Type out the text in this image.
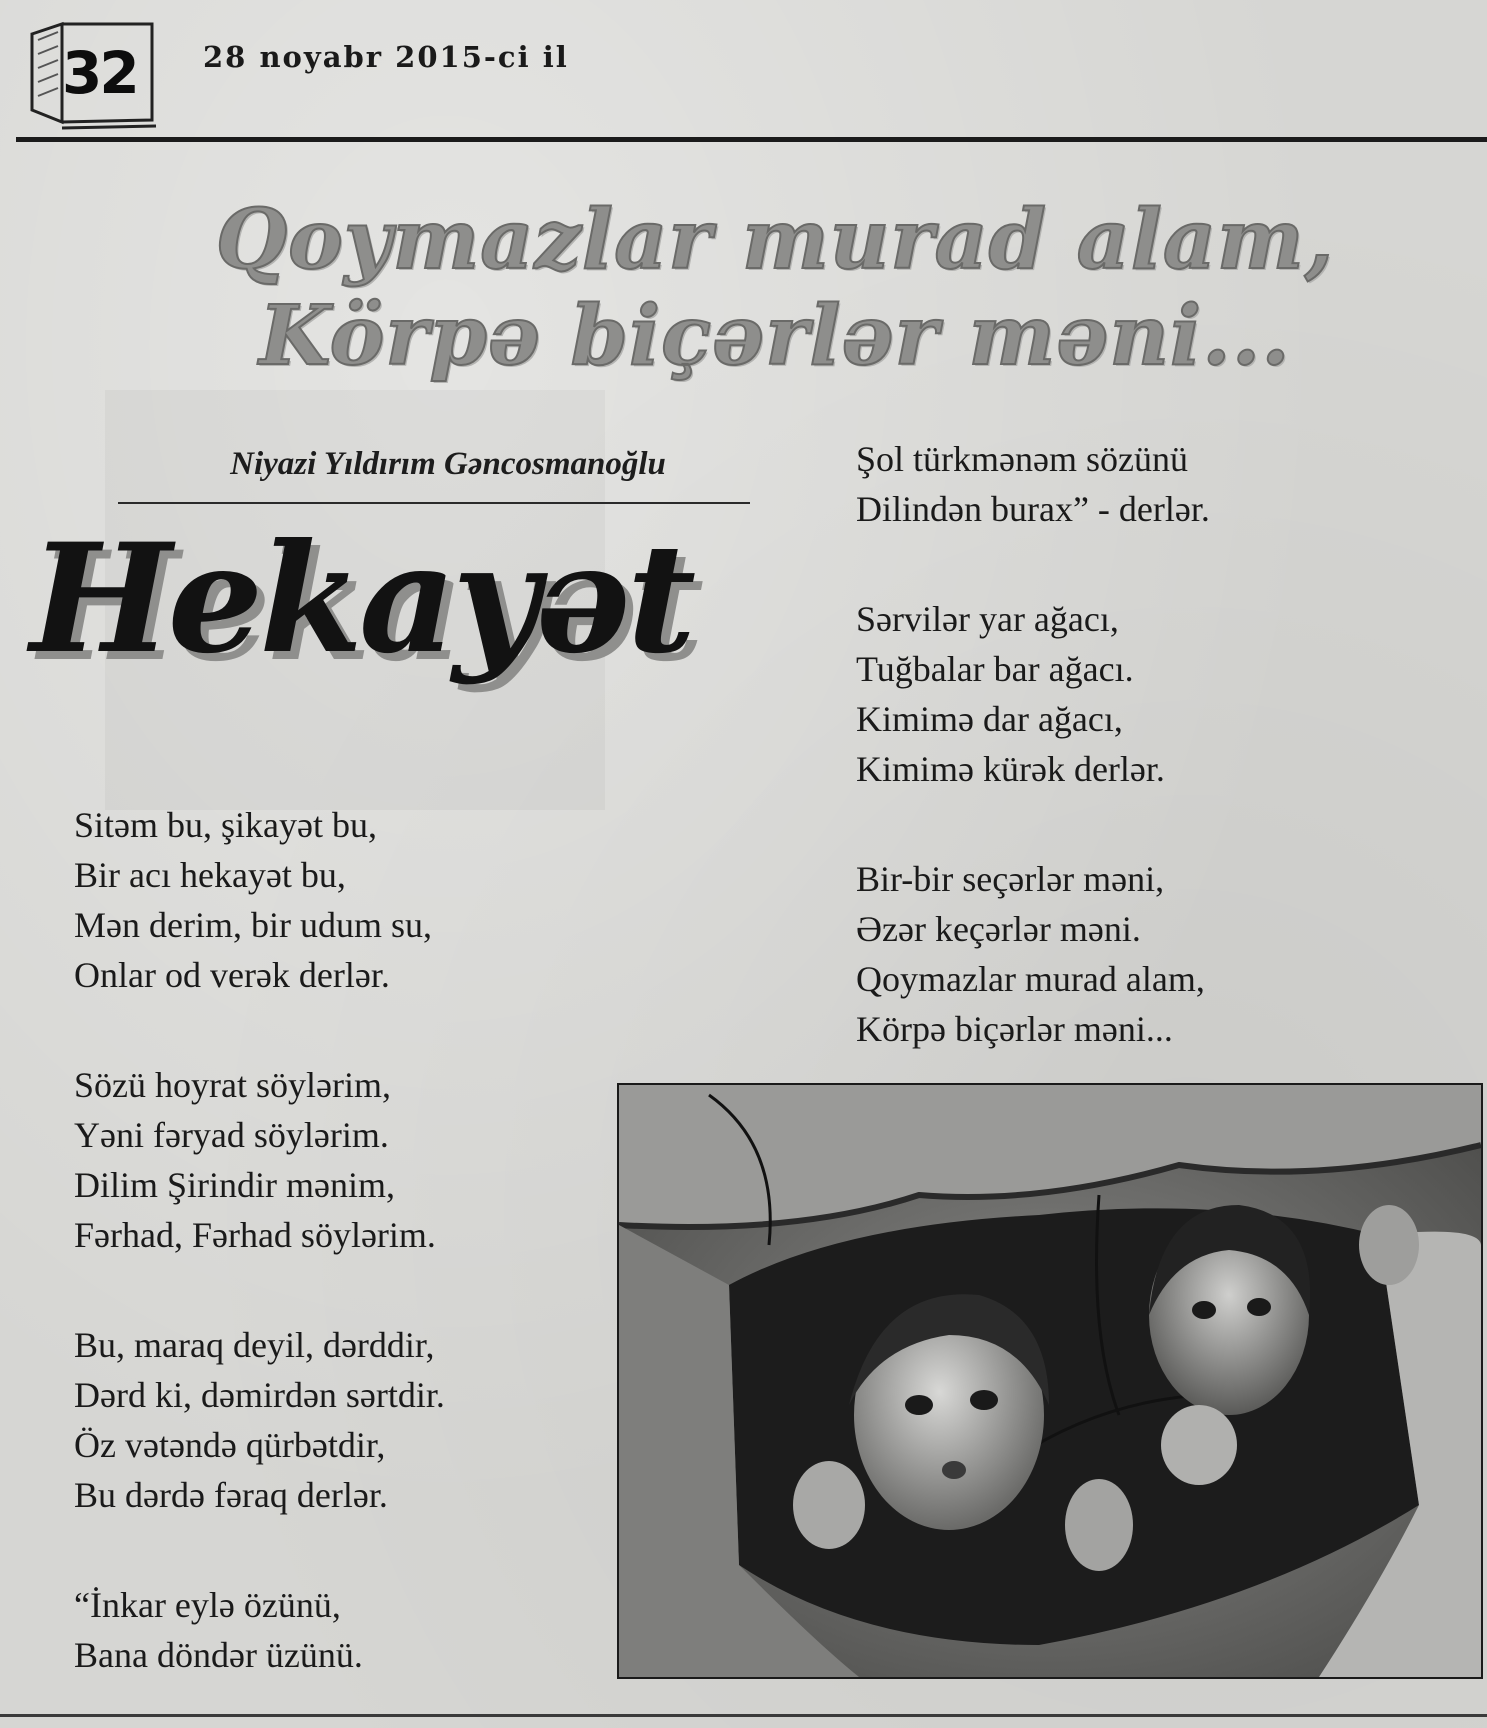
32	28 noyabr 2015-ci il
Qoymazlar murad alam,
Körpə biçərlər məni...
Niyazi Yıldırım Gəncosmanoğlu
Hekayət
Sitəm bu, şikayət bu,
Bir acı hekayət bu,
Mən derim, bir udum su,
Onlar od verək derlər.
Sözü hoyrat söylərim,
Yəni fəryad söylərim.
Dilim Şirindir mənim,
Fərhad, Fərhad söylərim.
Bu, maraq deyil, dərddir,
Dərd ki, dəmirdən sərtdir.
Öz vətəndə qürbətdir,
Bu dərdə fəraq derlər.
“İnkar eylə özünü,
Bana döndər üzünü.
Şol türkmənəm sözünü
Dilindən burax” - derlər.
Sərvilər yar ağacı,
Tuğbalar bar ağacı.
Kimimə dar ağacı,
Kimimə kürək derlər.
Bir-bir seçərlər məni,
Əzər keçərlər məni.
Qoymazlar murad alam,
Körpə biçərlər məni...
